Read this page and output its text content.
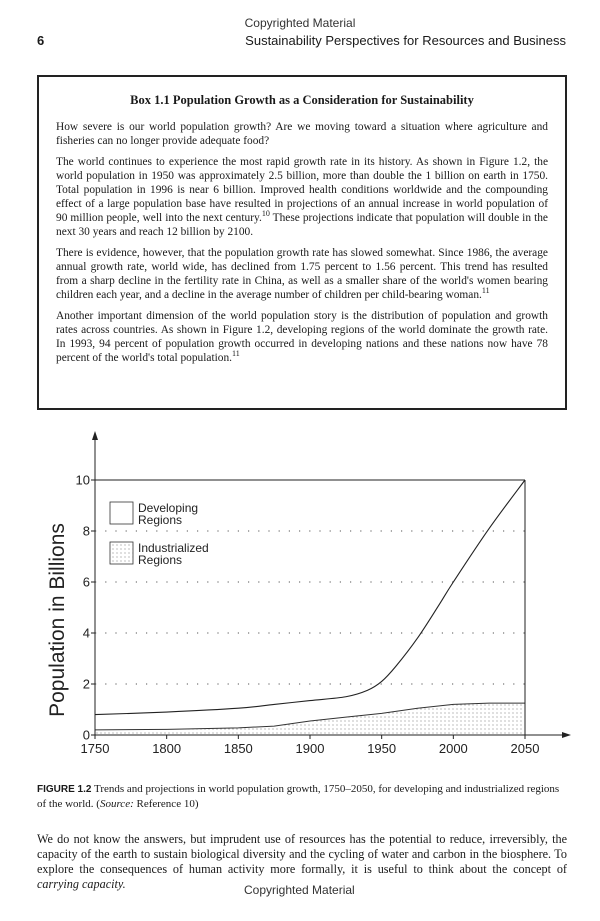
Copyrighted Material
6	Sustainability Perspectives for Resources and Business
Box 1.1 Population Growth as a Consideration for Sustainability

How severe is our world population growth? Are we moving toward a situation where agriculture and fisheries can no longer provide adequate food?

The world continues to experience the most rapid growth rate in its history. As shown in Figure 1.2, the world population in 1950 was approximately 2.5 billion, more than double the 1 billion on earth in 1750. Total population in 1996 is near 6 billion. Improved health conditions worldwide and the compounding effect of a large population base have resulted in projections of an annual increase in world population of 90 million people, well into the next century.$^{10}$ These projections indicate that population will double in the next 30 years and reach 12 billion by 2100.

There is evidence, however, that the population growth rate has slowed somewhat. Since 1986, the average annual growth rate, world wide, has declined from 1.75 percent to 1.56 percent. This trend has resulted from a sharp decline in the fertility rate in China, as well as a smaller share of the world's women bearing children each year, and a decline in the average number of children per child-bearing woman.$^{11}$

Another important dimension of the world population story is the distribution of population and growth rates across countries. As shown in Figure 1.2, developing regions of the world dominate the growth rate. In 1993, 94 percent of population growth occurred in developing nations and these nations now have 78 percent of the world's total population.$^{11}$

Population in Billions
0
2
4
6
8
10
1750	1800	1850	1900	1950	2000	2050
Developing Regions
Industrialized Regions
FIGURE 1.2 Trends and projections in world population growth, 1750–2050, for developing and industrialized regions of the world. (Source: Reference 10)

We do not know the answers, but imprudent use of resources has the potential to reduce, irreversibly, the capacity of the earth to sustain biological diversity and the cycling of water and carbon in the biosphere. To explore the consequences of human activity more formally, it is useful to think about the concept of carrying capacity.	Copyrighted Material
